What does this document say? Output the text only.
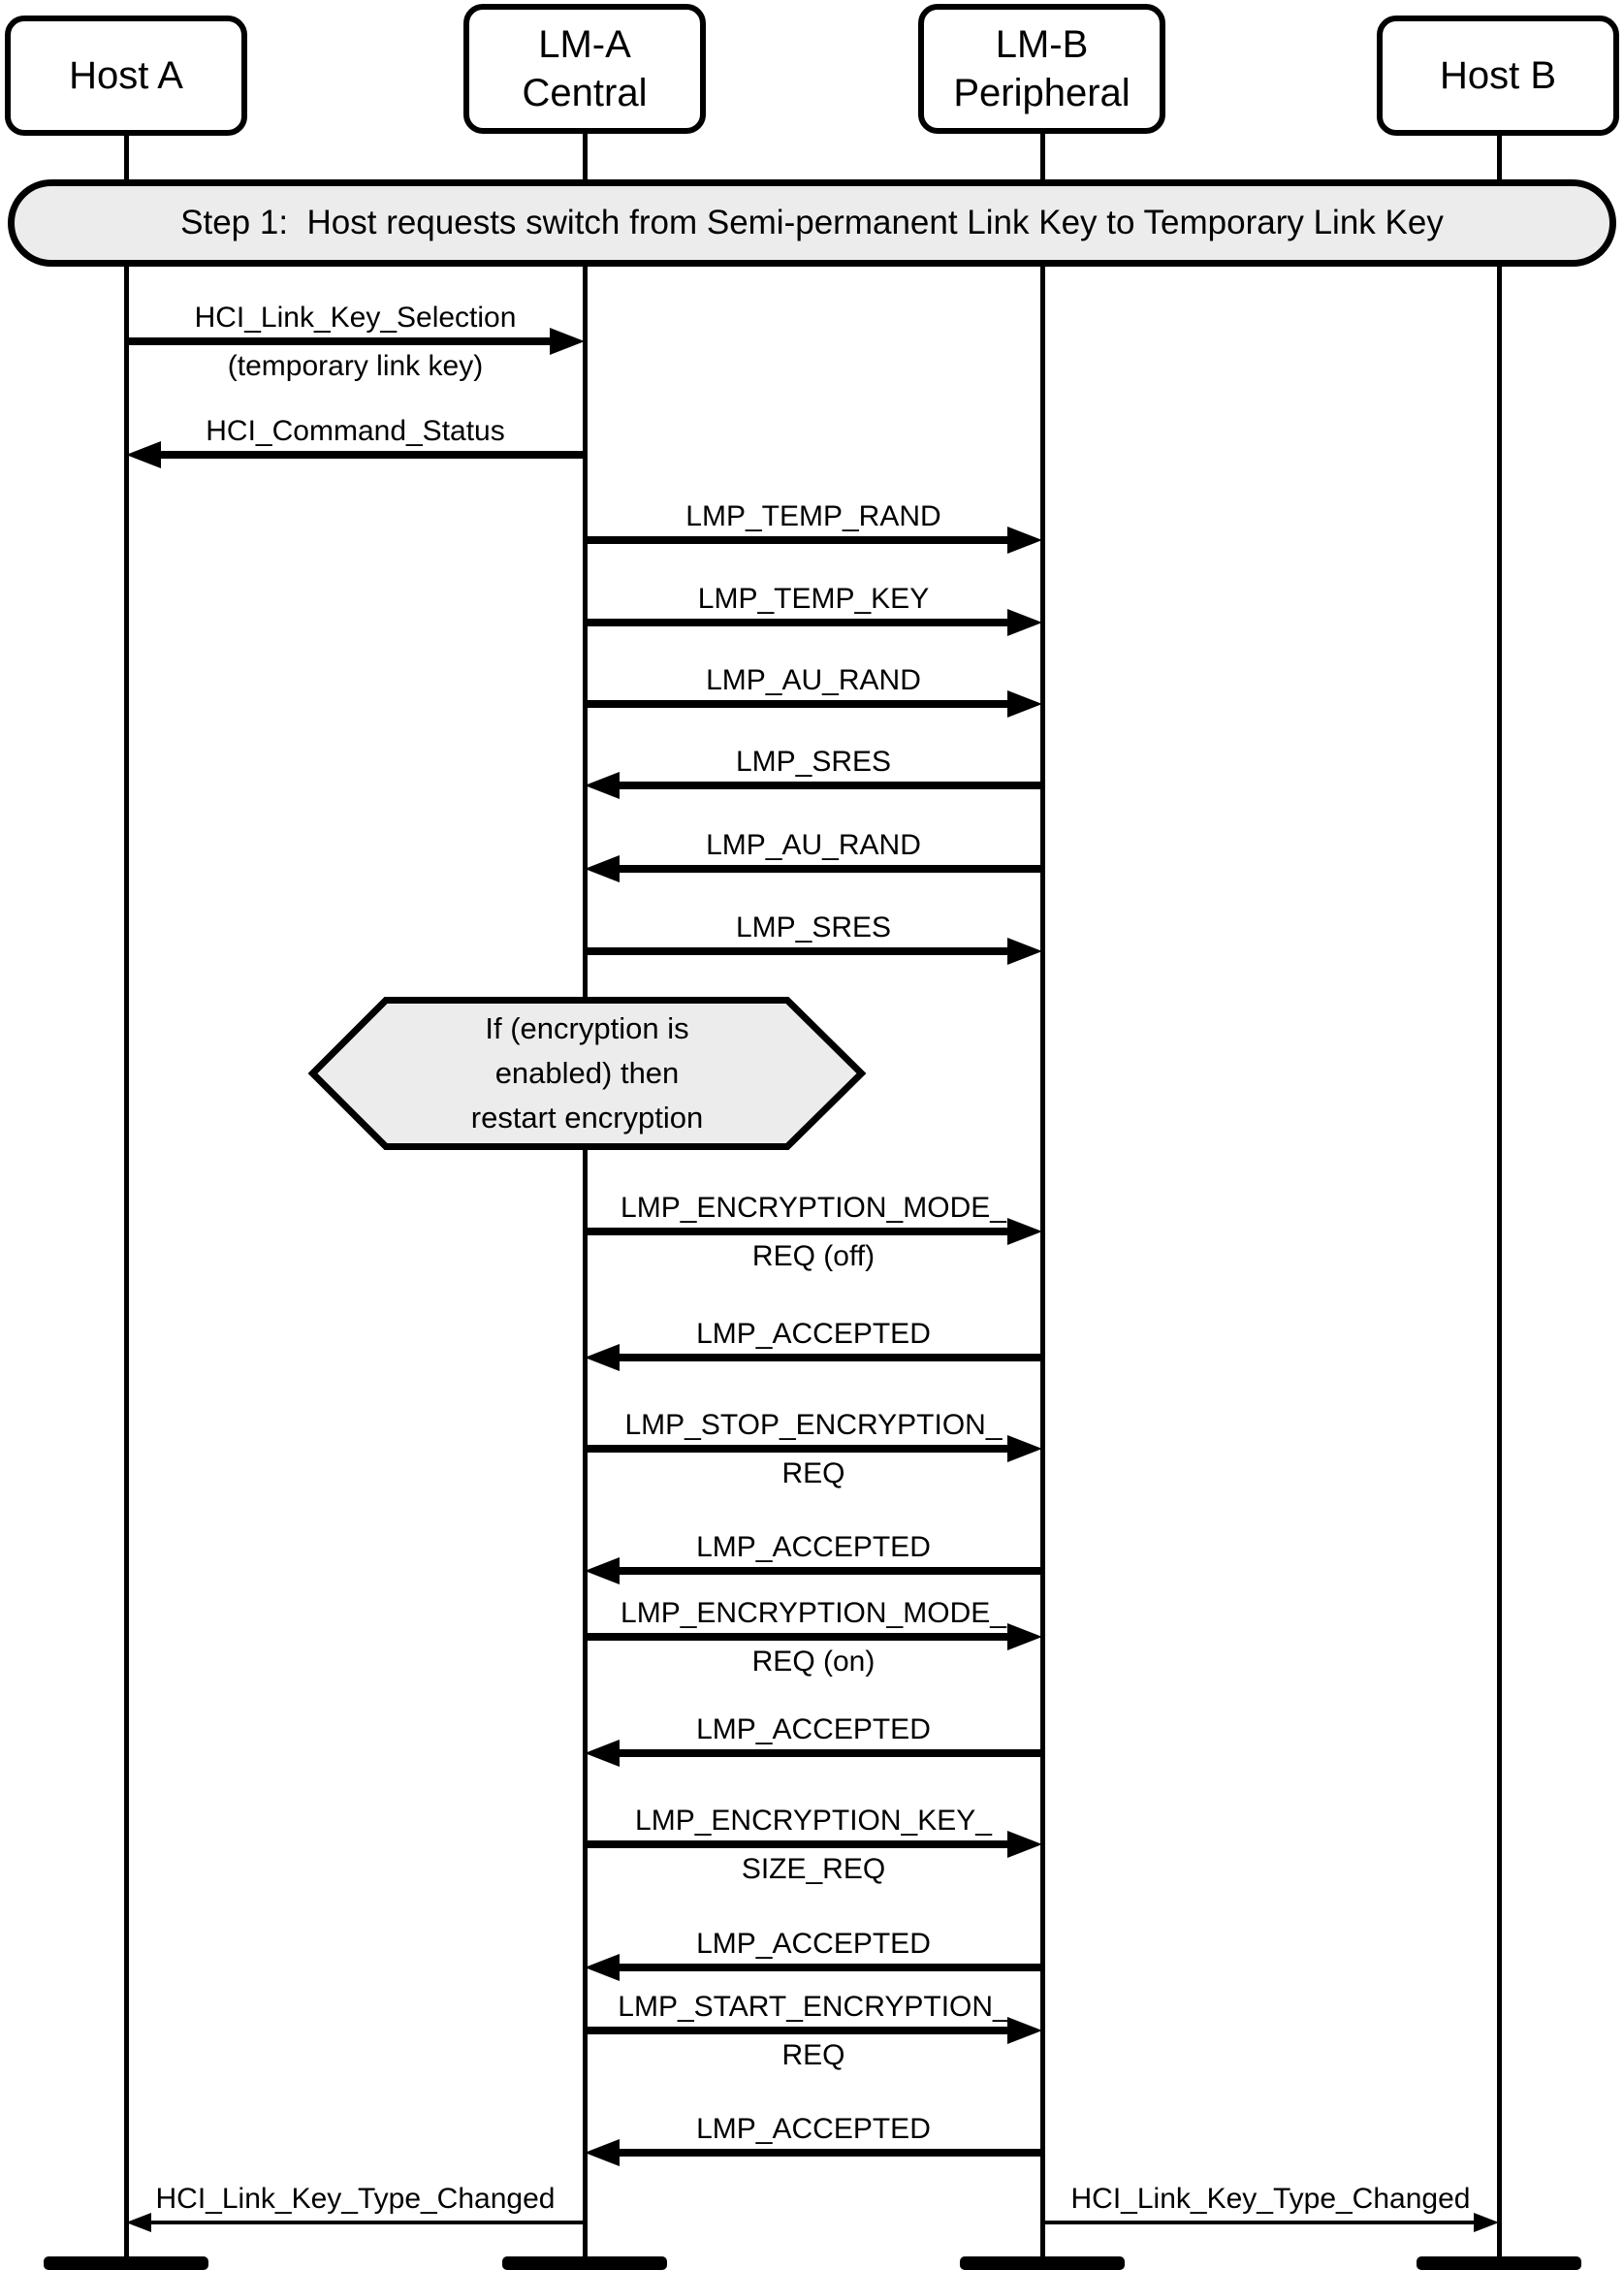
Step 1:  Host requests switch from Semi-permanent Link Key to Temporary Link Key
If (encryption is
enabled) then
restart encryption
Host A
LM-A
Central
LM-B
Peripheral	Host B
HCI_Link_Key_Selection
(temporary link key)
HCI_Command_Status
LMP_TEMP_RAND
LMP_TEMP_KEY
LMP_AU_RAND
LMP_SRES
LMP_AU_RAND
LMP_SRES
LMP_ENCRYPTION_MODE_
REQ (off)
LMP_ACCEPTED
LMP_STOP_ENCRYPTION_
REQ
LMP_ACCEPTED
LMP_ENCRYPTION_MODE_
REQ (on)
LMP_ACCEPTED
LMP_ENCRYPTION_KEY_
SIZE_REQ
LMP_ACCEPTED
LMP_START_ENCRYPTION_
REQ
LMP_ACCEPTED
HCI_Link_Key_Type_Changed	HCI_Link_Key_Type_Changed
